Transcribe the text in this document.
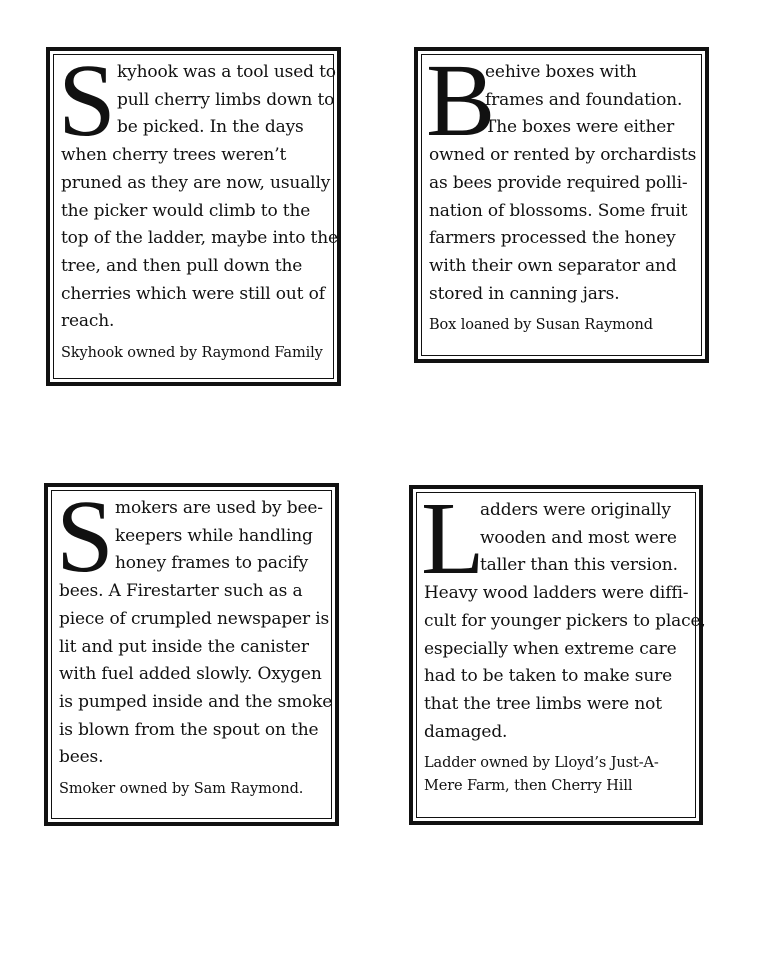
S kyhook was a tool used to
pull cherry limbs down to
be picked. In the days
when cherry trees weren’t
pruned as they are now, usually
the picker would climb to the
top of the ladder, maybe into the
tree, and then pull down the
cherries which were still out of
reach.

Skyhook owned by Raymond Family

B

eehive boxes with
frames and foundation.
The boxes were either
owned or rented by orchardists
as bees provide required polli-
nation of blossoms. Some fruit
farmers processed the honey
with their own separator and
stored in canning jars.

Box loaned by Susan Raymond

S mokers are used by bee-
keepers while handling
honey frames to pacify
bees. A Firestarter such as a
piece of crumpled newspaper is
lit and put inside the canister
with fuel added slowly. Oxygen
is pumped inside and the smoke
is blown from the spout on the
bees.

Smoker owned by Sam Raymond.

L

adders were originally
wooden and most were
taller than this version.
Heavy wood ladders were diffi-
cult for younger pickers to place,
especially when extreme care
had to be taken to make sure
that the tree limbs were not
damaged.

Ladder owned by Lloyd’s Just-A-
Mere Farm, then Cherry Hill
